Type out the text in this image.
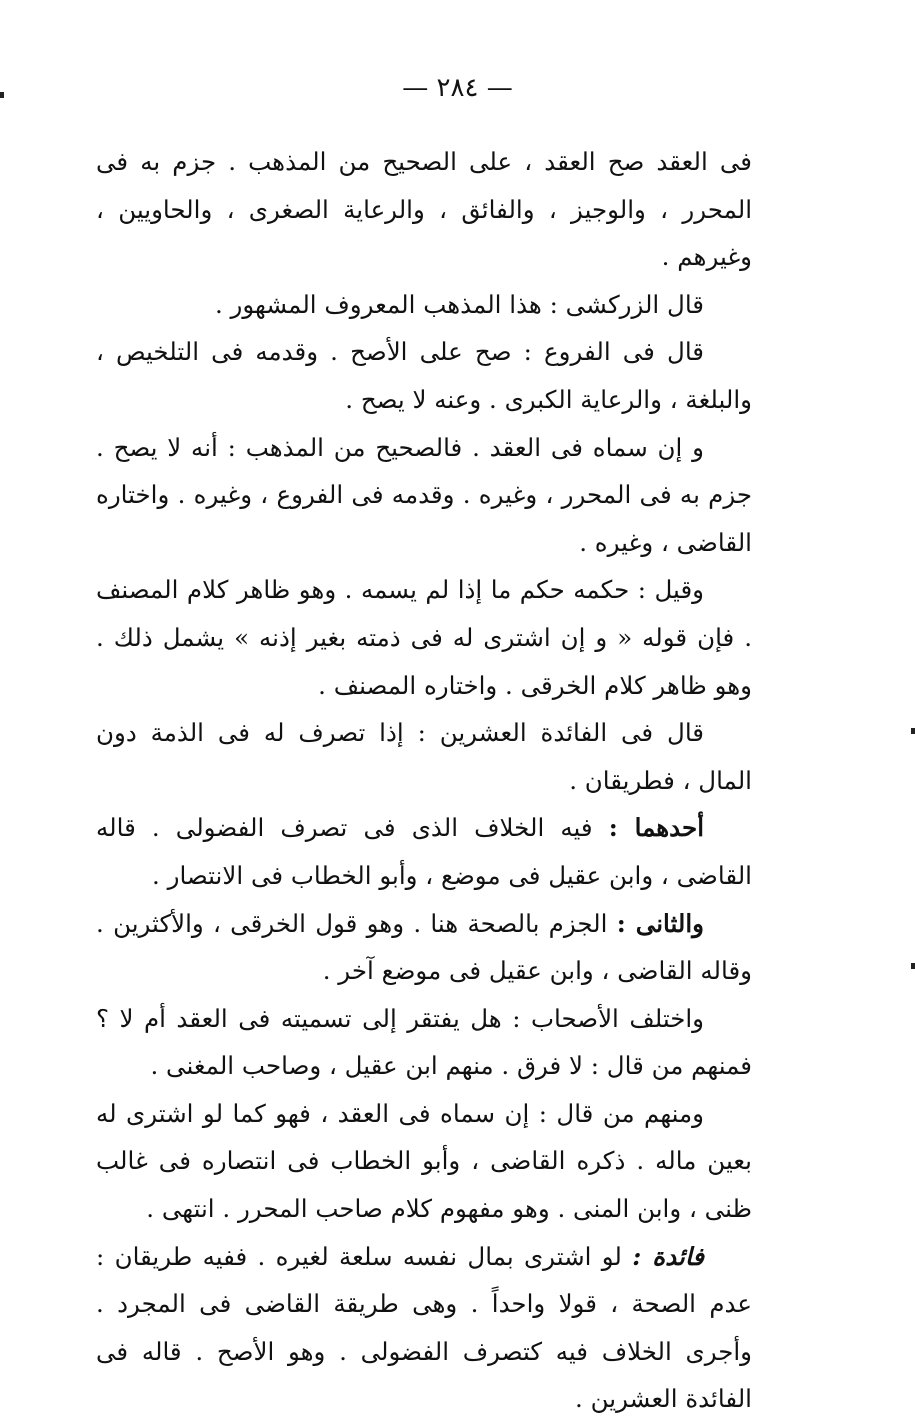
— ٢٨٤ —

فى العقد صح العقد ، على الصحيح من المذهب . جزم به فى المحرر ، والوجيز ، والفائق ، والرعاية الصغرى ، والحاويين ، وغيرهم .

قال الزركشى : هذا المذهب المعروف المشهور .

قال فى الفروع : صح على الأصح . وقدمه فى التلخيص ، والبلغة ، والرعاية الكبرى . وعنه لا يصح .

و إن سماه فى العقد . فالصحيح من المذهب : أنه لا يصح . جزم به فى المحرر ، وغيره . وقدمه فى الفروع ، وغيره . واختاره القاضى ، وغيره .

وقيل : حكمه حكم ما إذا لم يسمه . وهو ظاهر كلام المصنف . فإن قوله « و إن اشترى له فى ذمته بغير إذنه » يشمل ذلك . وهو ظاهر كلام الخرقى . واختاره المصنف .

قال فى الفائدة العشرين : إذا تصرف له فى الذمة دون المال ، فطريقان .

أحدهما : فيه الخلاف الذى فى تصرف الفضولى . قاله القاضى ، وابن عقيل فى موضع ، وأبو الخطاب فى الانتصار .

والثانى : الجزم بالصحة هنا . وهو قول الخرقى ، والأكثرين . وقاله القاضى ، وابن عقيل فى موضع آخر .

واختلف الأصحاب : هل يفتقر إلى تسميته فى العقد أم لا ؟ فمنهم من قال : لا فرق . منهم ابن عقيل ، وصاحب المغنى .

ومنهم من قال : إن سماه فى العقد ، فهو كما لو اشترى له بعين ماله . ذكره القاضى ، وأبو الخطاب فى انتصاره فى غالب ظنى ، وابن المنى . وهو مفهوم كلام صاحب المحرر . انتهى .

فائدة : لو اشترى بمال نفسه سلعة لغيره . ففيه طريقان : عدم الصحة ، قولا واحداً . وهى طريقة القاضى فى المجرد . وأجرى الخلاف فيه كتصرف الفضولى . وهو الأصح . قاله فى الفائدة العشرين .
